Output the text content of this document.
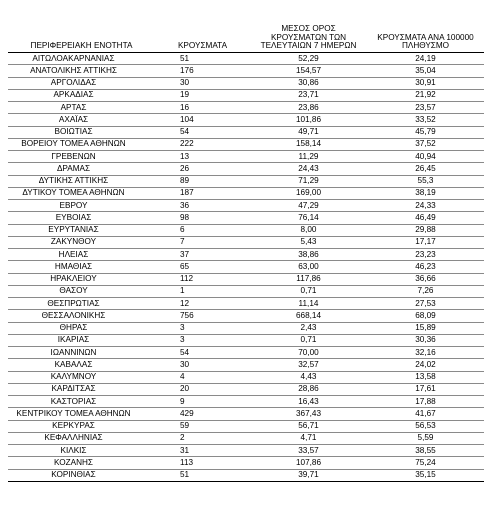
ΠΕΡΙΦΕΡΕΙΑΚΗ ΕΝΟΤΗΤΑ	ΚΡΟΥΣΜΑΤΑ	ΜΕΣΟΣ ΟΡΟΣ
ΚΡΟΥΣΜΑΤΩΝ ΤΩΝ
ΤΕΛΕΥΤΑΙΩΝ 7 ΗΜΕΡΩΝ	ΚΡΟΥΣΜΑΤΑ ΑΝΑ 100000
ΠΛΗΘΥΣΜΟ
ΑΙΤΩΛΟΑΚΑΡΝΑΝΙΑΣ	51	52,29	24,19
ΑΝΑΤΟΛΙΚΗΣ ΑΤΤΙΚΗΣ	176	154,57	35,04
ΑΡΓΟΛΙΔΑΣ	30	30,86	30,91
ΑΡΚΑΔΙΑΣ	19	23,71	21,92
ΑΡΤΑΣ	16	23,86	23,57
ΑΧΑΪΑΣ	104	101,86	33,52
ΒΟΙΩΤΙΑΣ	54	49,71	45,79
ΒΟΡΕΙΟΥ ΤΟΜΕΑ ΑΘΗΝΩΝ	222	158,14	37,52
ΓΡΕΒΕΝΩΝ	13	11,29	40,94
ΔΡΑΜΑΣ	26	24,43	26,45
ΔΥΤΙΚΗΣ ΑΤΤΙΚΗΣ	89	71,29	55,3
ΔΥΤΙΚΟΥ ΤΟΜΕΑ ΑΘΗΝΩΝ	187	169,00	38,19
ΕΒΡΟΥ	36	47,29	24,33
ΕΥΒΟΙΑΣ	98	76,14	46,49
ΕΥΡΥΤΑΝΙΑΣ	6	8,00	29,88
ΖΑΚΥΝΘΟΥ	7	5,43	17,17
ΗΛΕΙΑΣ	37	38,86	23,23
ΗΜΑΘΙΑΣ	65	63,00	46,23
ΗΡΑΚΛΕΙΟΥ	112	117,86	36,66
ΘΑΣΟΥ	1	0,71	7,26
ΘΕΣΠΡΩΤΙΑΣ	12	11,14	27,53
ΘΕΣΣΑΛΟΝΙΚΗΣ	756	668,14	68,09
ΘΗΡΑΣ	3	2,43	15,89
ΙΚΑΡΙΑΣ	3	0,71	30,36
ΙΩΑΝΝΙΝΩΝ	54	70,00	32,16
ΚΑΒΑΛΑΣ	30	32,57	24,02
ΚΑΛΥΜΝΟΥ	4	4,43	13,58
ΚΑΡΔΙΤΣΑΣ	20	28,86	17,61
ΚΑΣΤΟΡΙΑΣ	9	16,43	17,88
ΚΕΝΤΡΙΚΟΥ ΤΟΜΕΑ ΑΘΗΝΩΝ	429	367,43	41,67
ΚΕΡΚΥΡΑΣ	59	56,71	56,53
ΚΕΦΑΛΛΗΝΙΑΣ	2	4,71	5,59
ΚΙΛΚΙΣ	31	33,57	38,55
ΚΟΖΑΝΗΣ	113	107,86	75,24
ΚΟΡΙΝΘΙΑΣ	51	39,71	35,15
